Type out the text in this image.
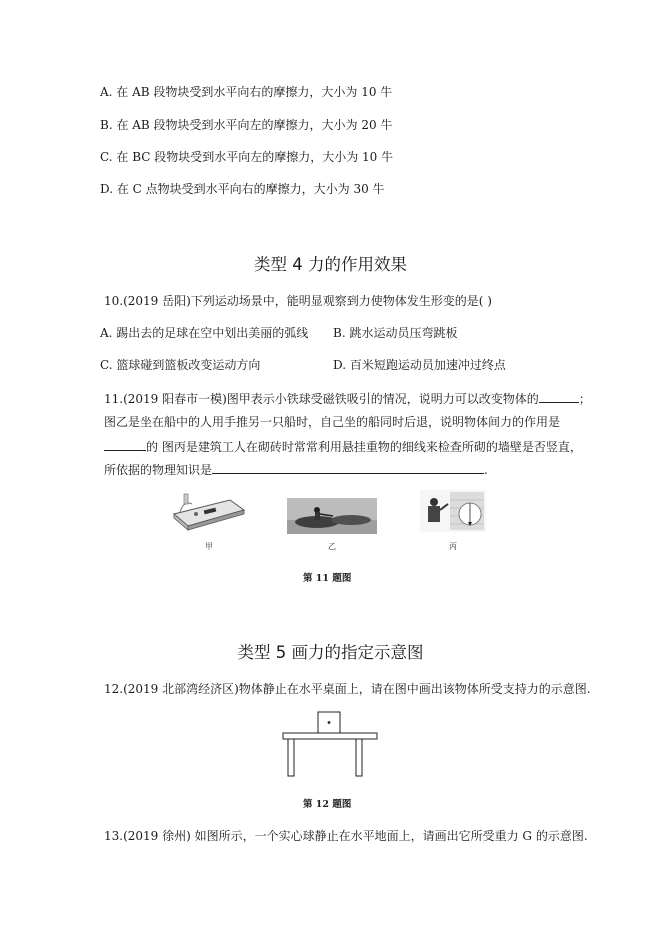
A. 在 AB 段物块受到水平向右的摩擦力，大小为 10 牛
B. 在 AB 段物块受到水平向左的摩擦力，大小为 20 牛
C. 在 BC 段物块受到水平向左的摩擦力，大小为 10 牛
D. 在 C 点物块受到水平向右的摩擦力，大小为 30 牛
类型 4 力的作用效果
10.(2019 岳阳)下列运动场景中，能明显观察到力使物体发生形变的是( )
A. 踢出去的足球在空中划出美丽的弧线 B. 跳水运动员压弯跳板
C. 篮球碰到篮板改变运动方向	D. 百米短跑运动员加速冲过终点
11.(2019 阳春市一模)图甲表示小铁球受磁铁吸引的情况，说明力可以改变物体的	；
图乙是坐在船中的人用手推另一只船时，自己坐的船同时后退，说明物体间力的作用是
的 图丙是建筑工人在砌砖时常常利用悬挂重物的细线来检查所砌的墙壁是否竖直，
所依据的物理知识是	.
甲	乙	丙
第 11 题图
类型 5 画力的指定示意图
12.(2019 北部湾经济区)物体静止在水平桌面上，请在图中画出该物体所受支持力的示意图.
第 12 题图
13.(2019 徐州) 如图所示，一个实心球静止在水平地面上，请画出它所受重力 G 的示意图.
